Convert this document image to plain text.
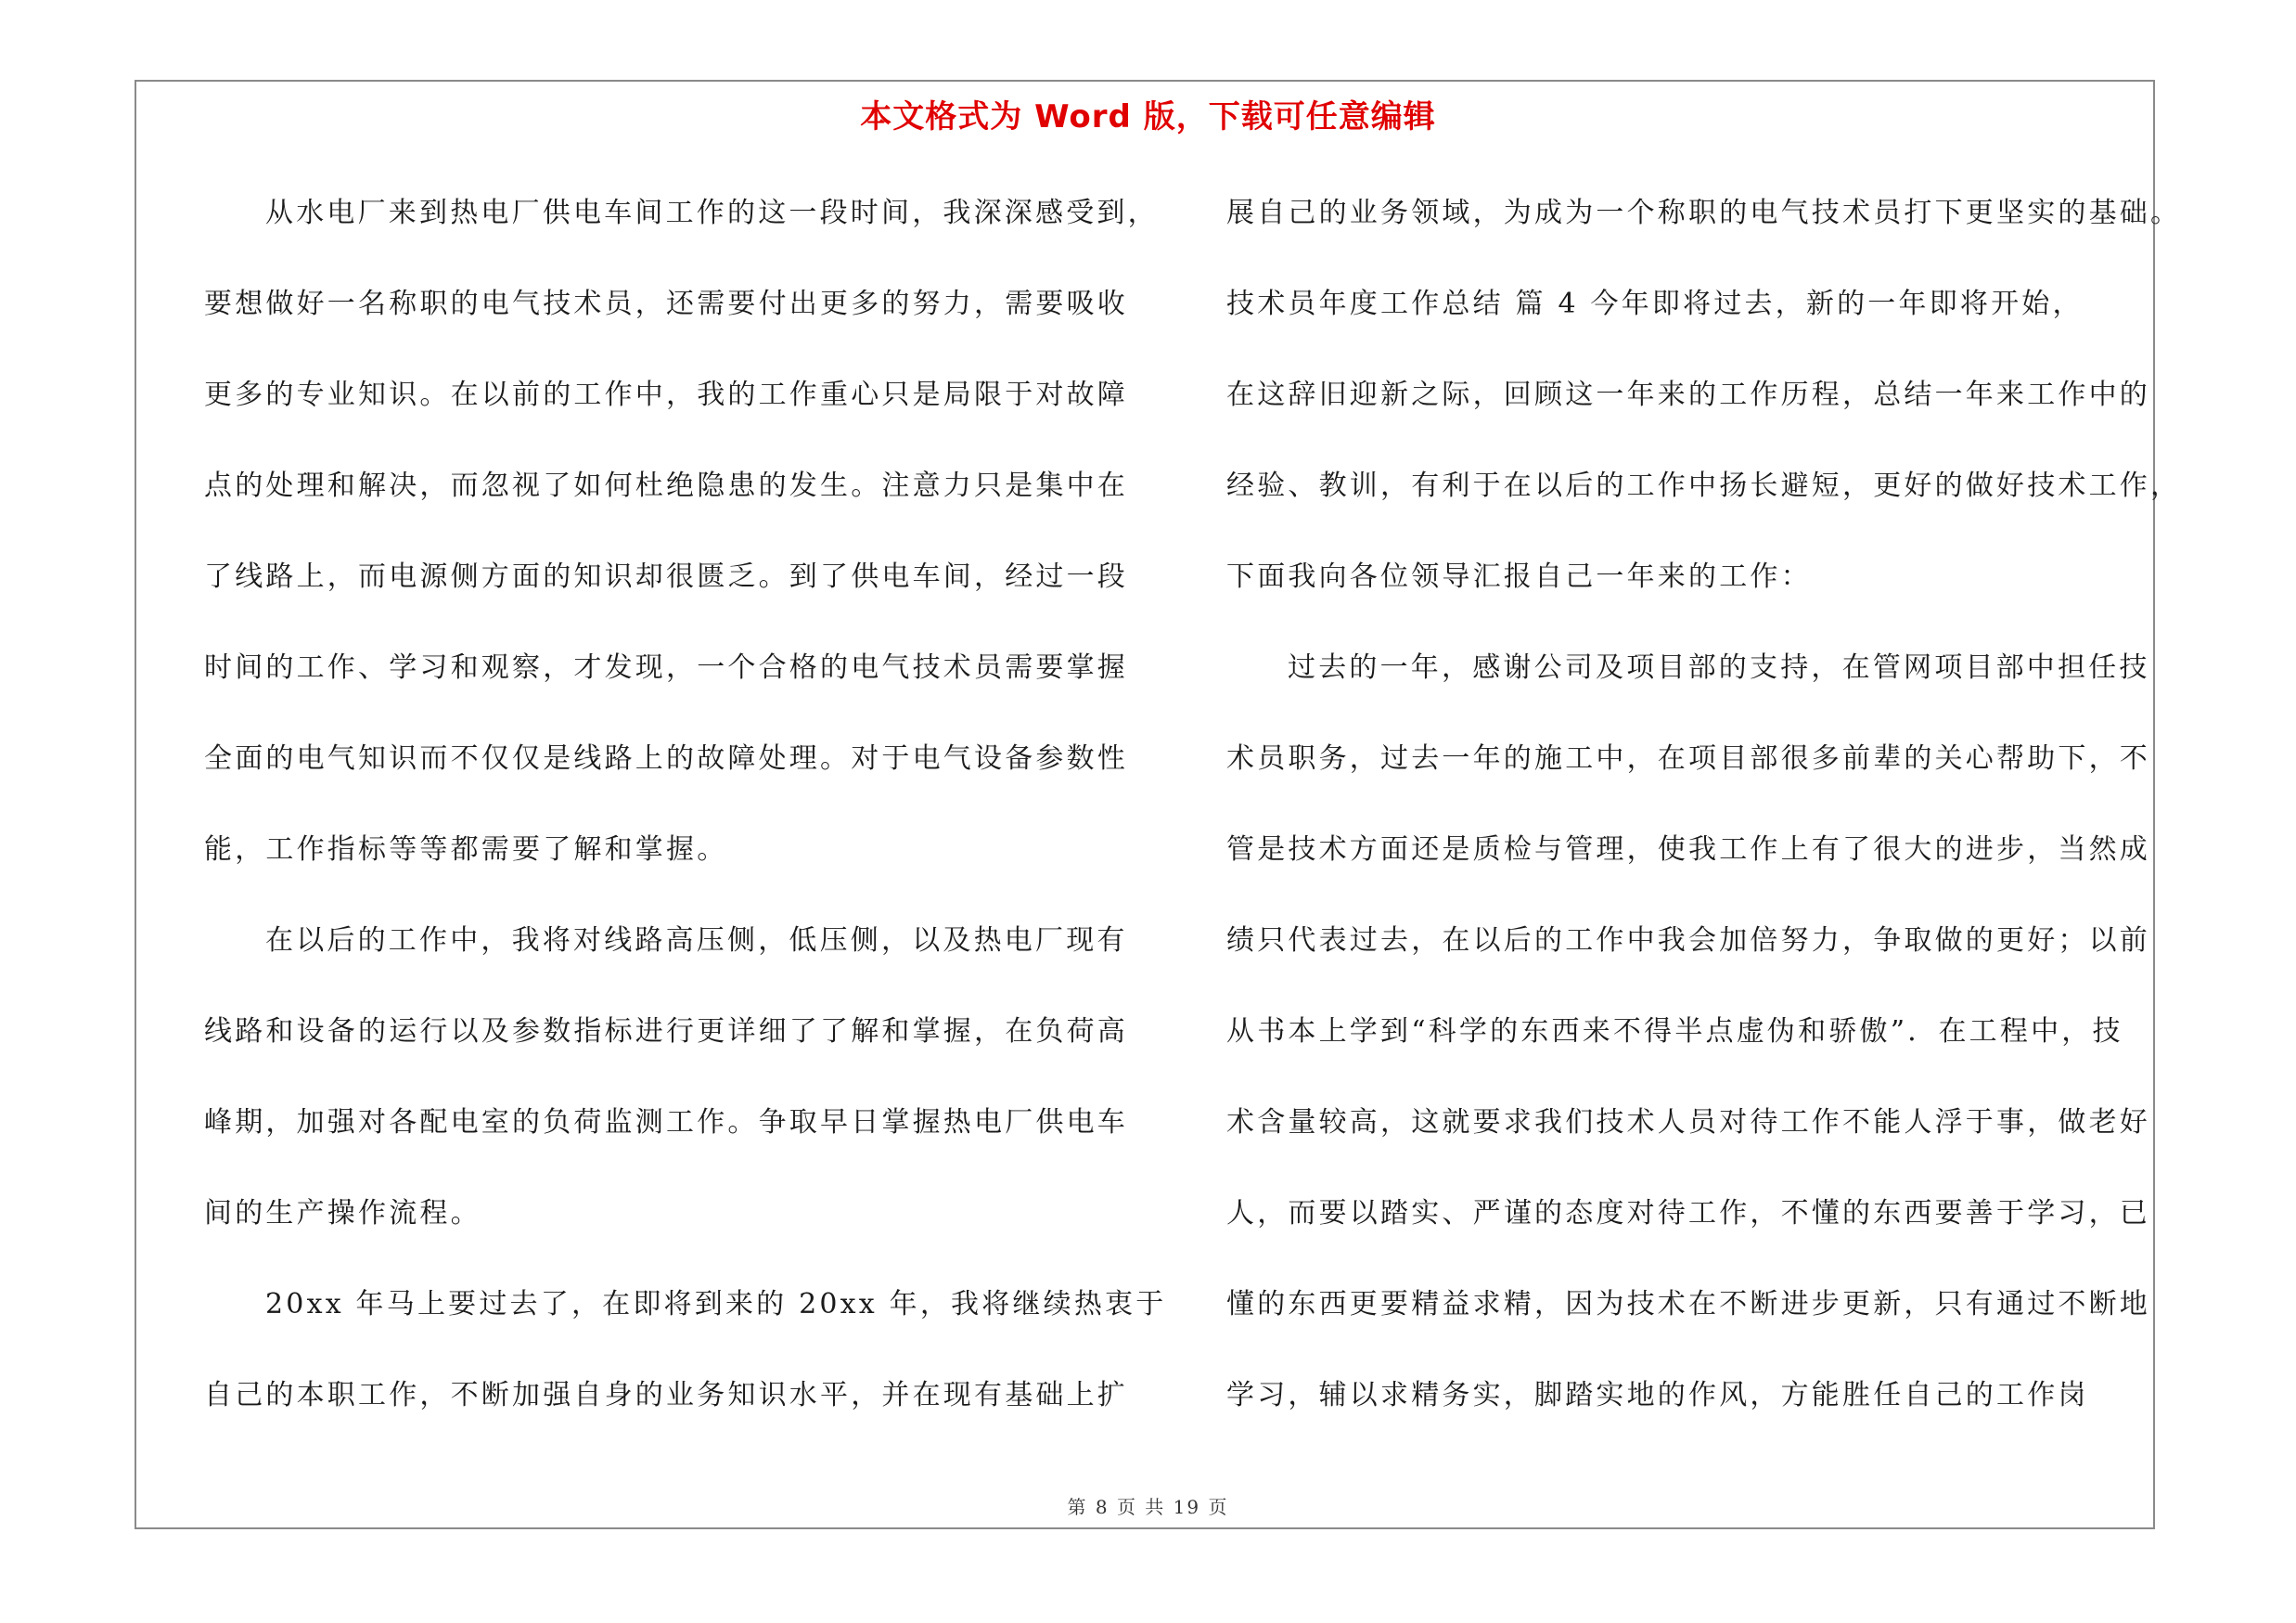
本文格式为 Word 版，下载可任意编辑
从水电厂来到热电厂供电车间工作的这一段时间，我深深感受到，
要想做好一名称职的电气技术员，还需要付出更多的努力，需要吸收
更多的专业知识。在以前的工作中，我的工作重心只是局限于对故障
点的处理和解决，而忽视了如何杜绝隐患的发生。注意力只是集中在
了线路上，而电源侧方面的知识却很匮乏。到了供电车间，经过一段
时间的工作、学习和观察，才发现，一个合格的电气技术员需要掌握
全面的电气知识而不仅仅是线路上的故障处理。对于电气设备参数性
能，工作指标等等都需要了解和掌握。
在以后的工作中，我将对线路高压侧，低压侧，以及热电厂现有
线路和设备的运行以及参数指标进行更详细了了解和掌握，在负荷高
峰期，加强对各配电室的负荷监测工作。争取早日掌握热电厂供电车
间的生产操作流程。
20xx 年马上要过去了，在即将到来的 20xx 年，我将继续热衷于
自己的本职工作，不断加强自身的业务知识水平，并在现有基础上扩
展自己的业务领域，为成为一个称职的电气技术员打下更坚实的基础。
技术员年度工作总结 篇 4 今年即将过去，新的一年即将开始，
在这辞旧迎新之际，回顾这一年来的工作历程，总结一年来工作中的
经验、教训，有利于在以后的工作中扬长避短，更好的做好技术工作，
下面我向各位领导汇报自己一年来的工作：
过去的一年，感谢公司及项目部的支持，在管网项目部中担任技
术员职务，过去一年的施工中，在项目部很多前辈的关心帮助下，不
管是技术方面还是质检与管理，使我工作上有了很大的进步，当然成
绩只代表过去，在以后的工作中我会加倍努力，争取做的更好；以前
从书本上学到“科学的东西来不得半点虚伪和骄傲”．在工程中，技
术含量较高，这就要求我们技术人员对待工作不能人浮于事，做老好
人，而要以踏实、严谨的态度对待工作，不懂的东西要善于学习，已
懂的东西更要精益求精，因为技术在不断进步更新，只有通过不断地
学习，辅以求精务实，脚踏实地的作风，方能胜任自己的工作岗
第 8 页 共 19 页
